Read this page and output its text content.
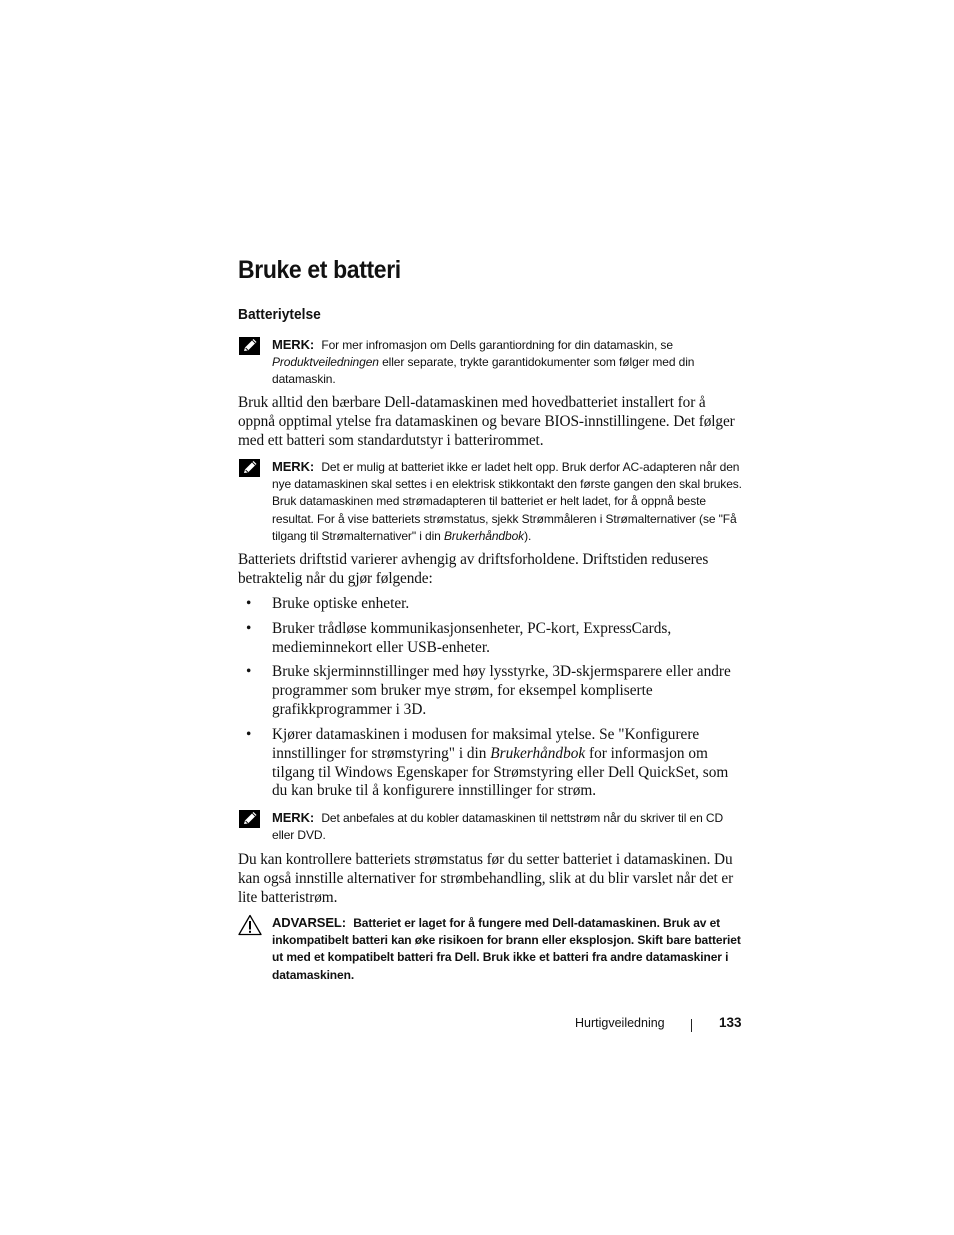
Bruke et batteri
Batteriytelse
MERK: For mer infromasjon om Dells garantiordning for din datamaskin, se Produktveiledningen eller separate, trykte garantidokumenter som følger med din datamaskin.
Bruk alltid den bærbare Dell-datamaskinen med hovedbatteriet installert for å oppnå opptimal ytelse fra datamaskinen og bevare BIOS-innstillingene. Det følger med ett batteri som standardutstyr i batterirommet.
MERK: Det er mulig at batteriet ikke er ladet helt opp. Bruk derfor AC-adapteren når den nye datamaskinen skal settes i en elektrisk stikkontakt den første gangen den skal brukes. Bruk datamaskinen med strømadapteren til batteriet er helt ladet, for å oppnå beste resultat. For å vise batteriets strømstatus, sjekk Strømmåleren i Strømalternativer (se "Få tilgang til Strømalternativer" i din Brukerhåndbok).
Batteriets driftstid varierer avhengig av driftsforholdene. Driftstiden reduseres betraktelig når du gjør følgende:
• Bruke optiske enheter.
• Bruker trådløse kommunikasjonsenheter, PC-kort, ExpressCards, medieminnekort eller USB-enheter.
• Bruke skjerminnstillinger med høy lysstyrke, 3D-skjermsparere eller andre programmer som bruker mye strøm, for eksempel kompliserte grafikkprogrammer i 3D.
• Kjører datamaskinen i modusen for maksimal ytelse. Se "Konfigurere innstillinger for strømstyring" i din Brukerhåndbok for informasjon om tilgang til Windows Egenskaper for Strømstyring eller Dell QuickSet, som du kan bruke til å konfigurere innstillinger for strøm.
MERK: Det anbefales at du kobler datamaskinen til nettstrøm når du skriver til en CD eller DVD.
Du kan kontrollere batteriets strømstatus før du setter batteriet i datamaskinen. Du kan også innstille alternativer for strømbehandling, slik at du blir varslet når det er lite batteristrøm.
ADVARSEL: Batteriet er laget for å fungere med Dell-datamaskinen. Bruk av et inkompatibelt batteri kan øke risikoen for brann eller eksplosjon. Skift bare batteriet ut med et kompatibelt batteri fra Dell. Bruk ikke et batteri fra andre datamaskiner i datamaskinen.
Hurtigveiledning	133
